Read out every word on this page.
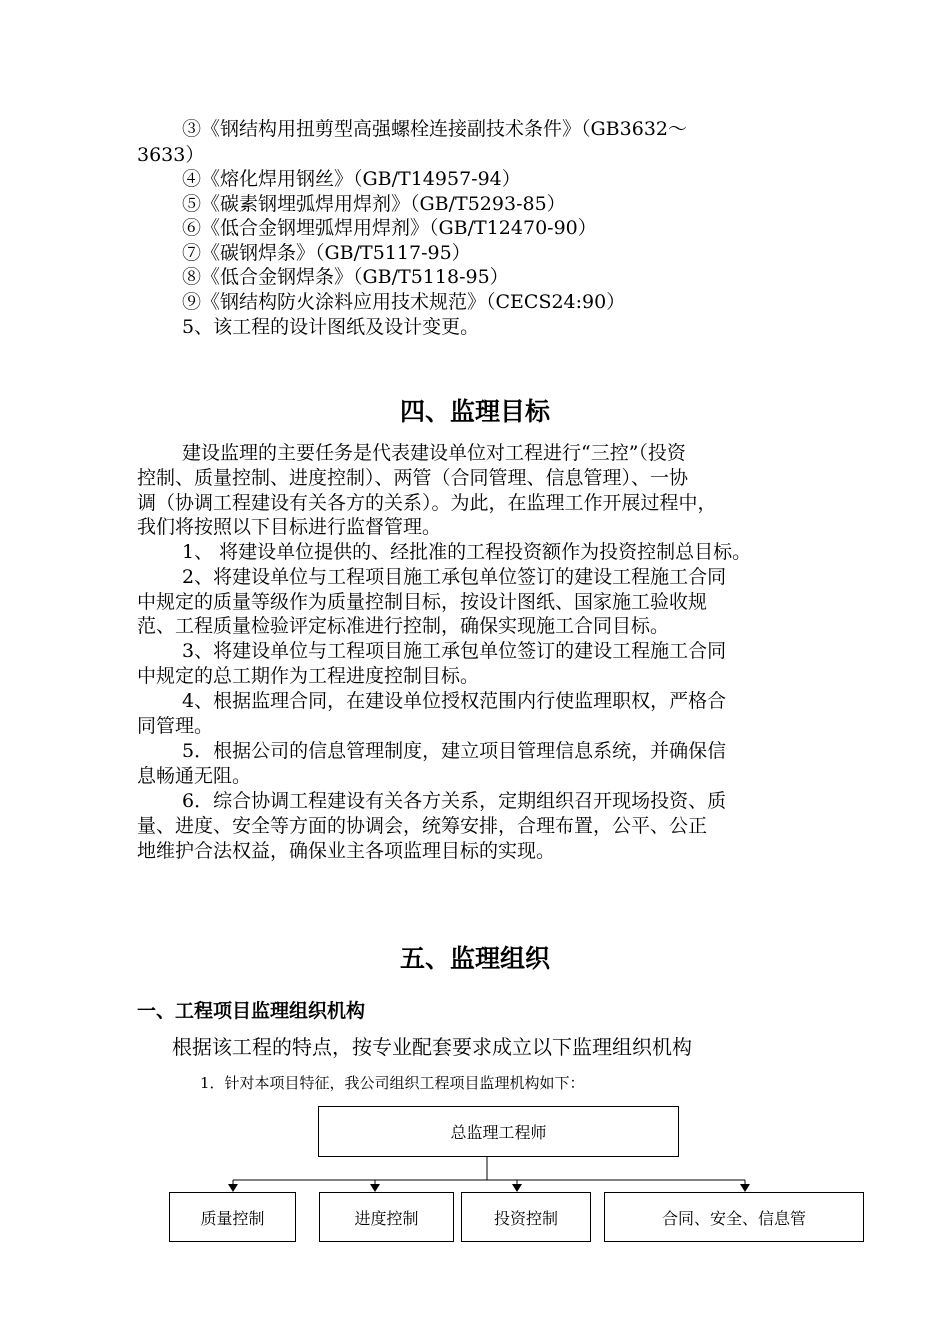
③《钢结构用扭剪型高强螺栓连接副技术条件》（GB3632～
3633）
④《熔化焊用钢丝》（GB/T14957-94）
⑤《碳素钢埋弧焊用焊剂》（GB/T5293-85）
⑥《低合金钢埋弧焊用焊剂》（GB/T12470-90）
⑦《碳钢焊条》（GB/T5117-95）
⑧《低合金钢焊条》（GB/T5118-95）
⑨《钢结构防火涂料应用技术规范》（CECS24:90）
5、该工程的设计图纸及设计变更。
四、监理目标
建设监理的主要任务是代表建设单位对工程进行“三控”（投资
控制、质量控制、进度控制）、两管（合同管理、信息管理）、一协
调（协调工程建设有关各方的关系）。为此，在监理工作开展过程中，
我们将按照以下目标进行监督管理。
1、 将建设单位提供的、经批准的工程投资额作为投资控制总目标。
2、将建设单位与工程项目施工承包单位签订的建设工程施工合同
中规定的质量等级作为质量控制目标，按设计图纸、国家施工验收规
范、工程质量检验评定标准进行控制，确保实现施工合同目标。
3、将建设单位与工程项目施工承包单位签订的建设工程施工合同
中规定的总工期作为工程进度控制目标。
4、根据监理合同，在建设单位授权范围内行使监理职权，严格合
同管理。
5．根据公司的信息管理制度，建立项目管理信息系统，并确保信
息畅通无阻。
6．综合协调工程建设有关各方关系，定期组织召开现场投资、质
量、进度、安全等方面的协调会，统筹安排，合理布置，公平、公正
地维护合法权益，确保业主各项监理目标的实现。
五、监理组织
一、工程项目监理组织机构
根据该工程的特点，按专业配套要求成立以下监理组织机构
1．针对本项目特征，我公司组织工程项目监理机构如下：
总监理工程师
质量控制	进度控制	投资控制	合同、安全、信息管
